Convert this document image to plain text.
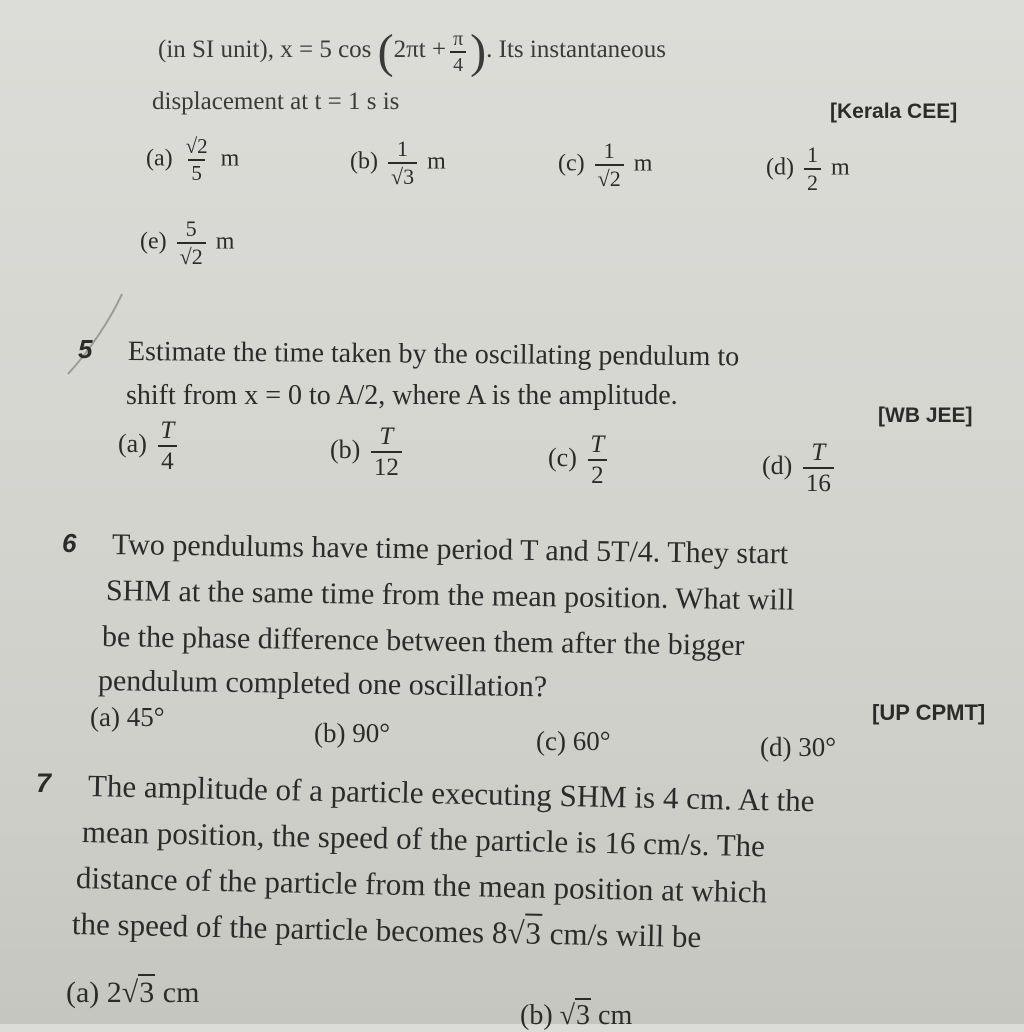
(in SI unit), x = 5 $\cos (2\pi t + \frac{\pi}{4}$ ). Its instantaneous
displacement at t = 1 s is	[Kerala CEE]
$(a) \frac{√2}{5}$ m	$(b) \frac{1}{√3}$ m	$(c) \frac{1}{√2}$ m	$(d) \frac{1}{2}$ m
$(e) \frac{5}{√2}$ m
5 Estimate the time taken by the oscillating pendulum to
shift from x = 0 to A/2, where A is the amplitude.
[WB JEE]
$(a) \frac{T}{4}$	$(b) \frac{T}{12}$	$(c) \frac{T}{2}$	$(d) \frac{T}{16}$
6 Two pendulums have time period T and 5T/4. They start
SHM at the same time from the mean position. What will
be the phase difference between them after the bigger
pendulum completed one oscillation?
[UP CPMT]
(a) 45°
(b) 90°	(c) 60°	(d) 30°
7 The amplitude of a particle executing SHM is 4 cm. At the
mean position, the speed of the particle is 16 cm/s. The
distance of the particle from the mean position at which
the speed of the particle becomes 8√3 cm/s will be
(a) 2√3 cm
(b) √3 cm
